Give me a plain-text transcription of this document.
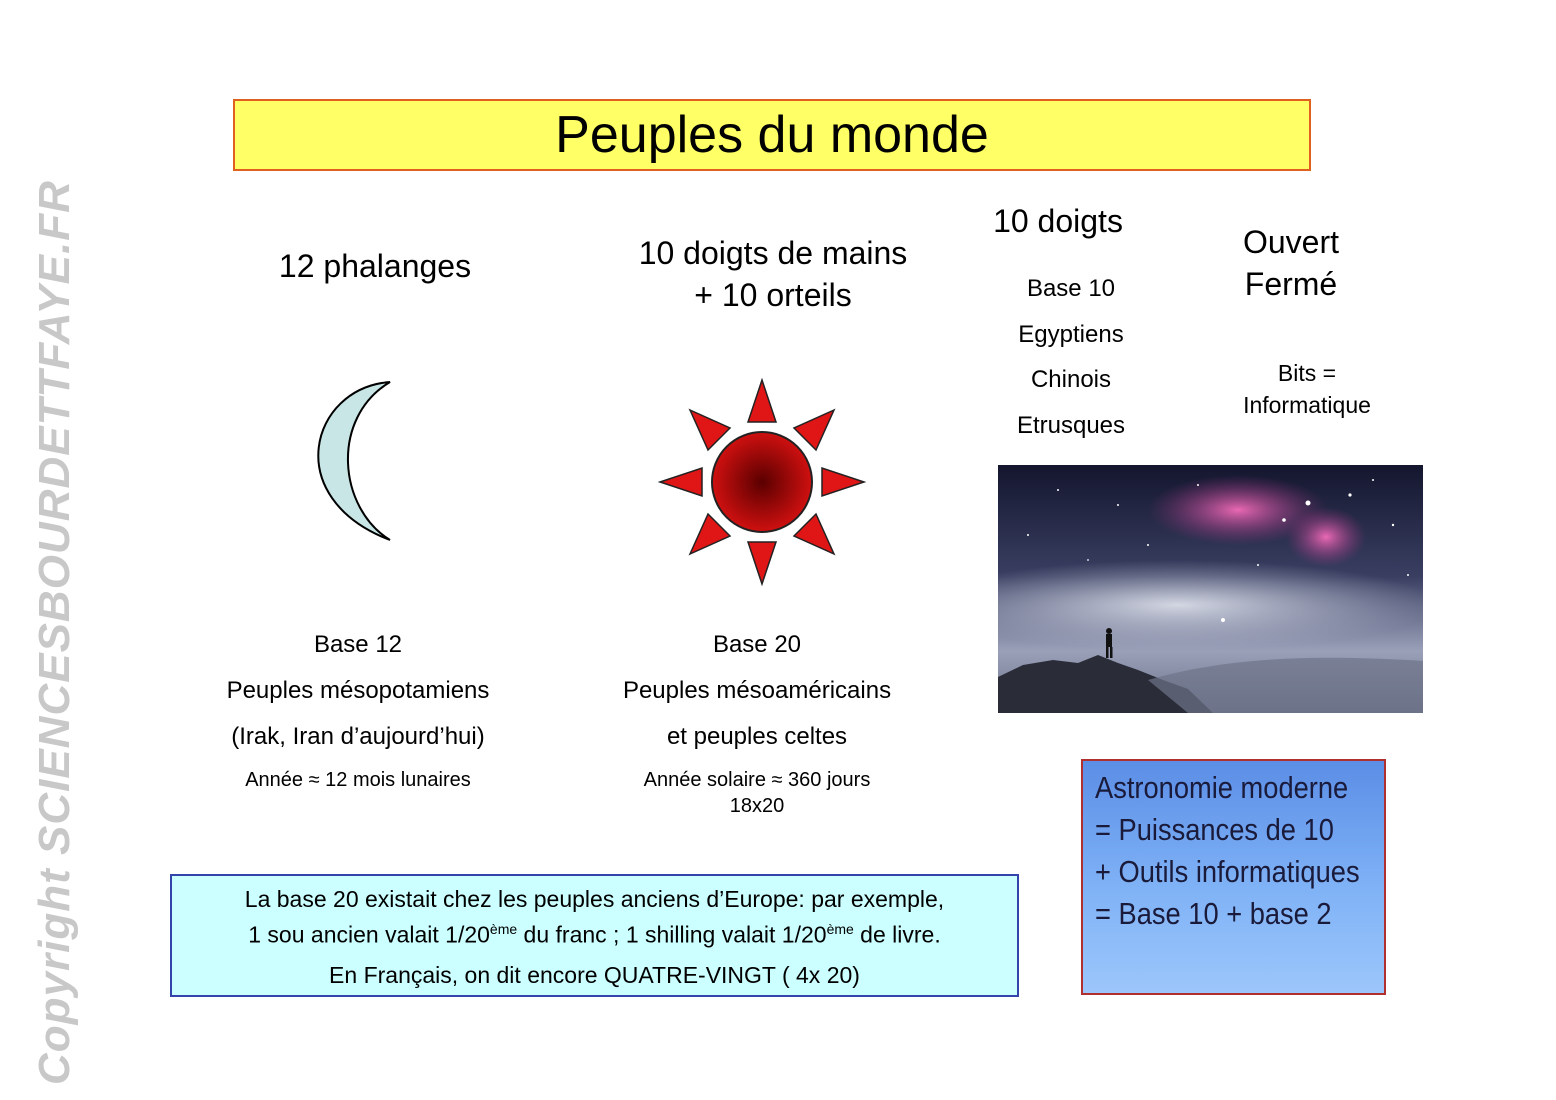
Copyright SCIENCESBOURDETTFAYE.FR
Peuples du monde
12 phalanges
Base 12
Peuples mésopotamiens
(Irak, Iran d’aujourd’hui)
Année ≈ 12 mois lunaires
10 doigts de mains
+ 10 orteils
Base 20
Peuples mésoaméricains
et peuples celtes
Année solaire ≈ 360 jours
18x20
10 doigts
Base 10
Egyptiens
Chinois
Etrusques
Ouvert
Fermé
Bits =
Informatique
La base 20 existait chez les peuples anciens d’Europe: par exemple,
1 sou ancien valait 1/20ème du franc ; 1 shilling valait 1/20ème de livre.
En Français, on dit encore QUATRE-VINGT ( 4x 20)
Astronomie moderne
= Puissances de 10
+ Outils informatiques
= Base 10 + base 2
